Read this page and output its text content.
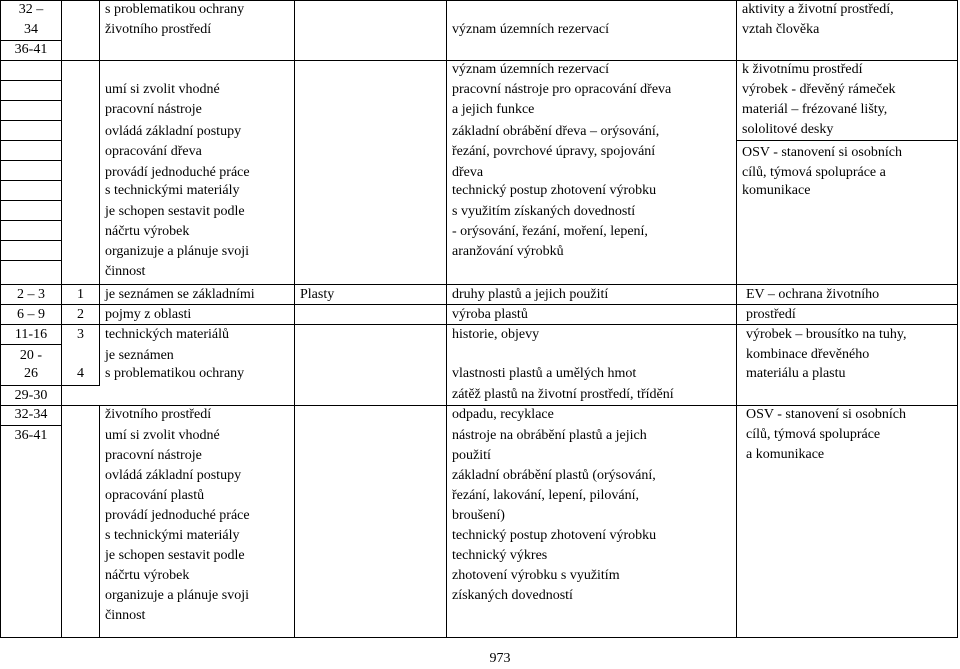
32 –
34
36-41
s problematikou ochrany
životního prostředí	význam územních rezervací
aktivity a životní prostředí,
vztah člověka
umí si zvolit vhodné
pracovní nástroje
ovládá základní postupy
opracování dřeva
provádí jednoduché práce
s technickými materiály
je schopen sestavit podle
náčrtu výrobek
organizuje a plánuje svoji
činnost
význam územních rezervací
pracovní nástroje pro opracování dřeva
a jejich funkce
základní obrábění dřeva – orýsování,
řezání, povrchové úpravy, spojování
dřeva
technický postup zhotovení výrobku
s využitím získaných dovedností
- orýsování, řezání, moření, lepení,
aranžování výrobků
k životnímu prostředí
výrobek - dřevěný rámeček
materiál – frézované lišty,
sololitové desky
OSV - stanovení si osobních
cílů, týmová spolupráce a
komunikace
2 – 3
6 – 9
11-16
20 -
26
29-30
32-34
36-41
1
2
3
4
je seznámen se základními
pojmy z oblasti
technických materiálů
je seznámen
s problematikou ochrany
životního prostředí
umí si zvolit vhodné
pracovní nástroje
ovládá základní postupy
opracování plastů
provádí jednoduché práce
s technickými materiály
je schopen sestavit podle
náčrtu výrobek
organizuje a plánuje svoji
činnost
Plasty	druhy plastů a jejich použití
výroba plastů
historie, objevy
vlastnosti plastů a umělých hmot
zátěž plastů na životní prostředí, třídění
odpadu, recyklace
nástroje na obrábění plastů a jejich
použití
základní obrábění plastů (orýsování,
řezání, lakování, lepení, pilování,
broušení)
technický postup zhotovení výrobku
technický výkres
zhotovení výrobku s využitím
získaných dovedností
EV – ochrana životního
prostředí
výrobek – brousítko na tuhy,
kombinace dřevěného
materiálu a plastu
OSV - stanovení si osobních
cílů, týmová spolupráce
a komunikace
973
